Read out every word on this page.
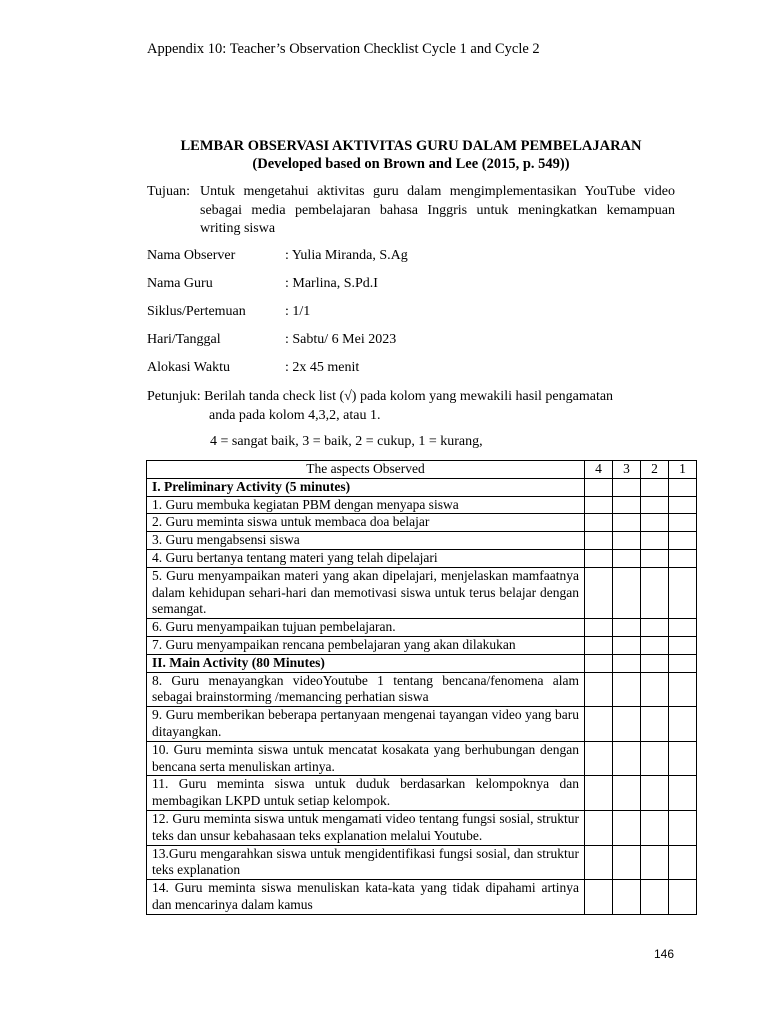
Appendix 10: Teacher’s Observation Checklist Cycle 1 and Cycle 2
LEMBAR OBSERVASI AKTIVITAS GURU DALAM PEMBELAJARAN
(Developed based on Brown and Lee (2015, p. 549))
Tujuan: Untuk mengetahui aktivitas guru dalam mengimplementasikan YouTube video sebagai media pembelajaran bahasa Inggris untuk meningkatkan kemampuan writing siswa
Nama Observer	: Yulia Miranda, S.Ag
Nama Guru	: Marlina, S.Pd.I
Siklus/Pertemuan	: 1/1
Hari/Tanggal	: Sabtu/ 6 Mei 2023
Alokasi Waktu	: 2x 45 menit
Petunjuk: Berilah tanda check list (√) pada kolom yang mewakili hasil pengamatan
anda pada kolom 4,3,2, atau 1.
4 = sangat baik, 3 = baik, 2 = cukup, 1 = kurang,
The aspects Observed	4	3	2	1
I. Preliminary Activity (5 minutes)				
1. Guru membuka kegiatan PBM dengan menyapa siswa				
2. Guru meminta siswa untuk membaca doa belajar				
3. Guru mengabsensi siswa				
4. Guru bertanya tentang materi yang telah dipelajari				
5. Guru menyampaikan materi yang akan dipelajari, menjelaskan mamfaatnya dalam kehidupan sehari-hari dan memotivasi siswa untuk terus belajar dengan semangat.				
6. Guru menyampaikan tujuan pembelajaran.				
7. Guru menyampaikan rencana pembelajaran yang akan dilakukan				
II. Main Activity (80 Minutes)				
8. Guru menayangkan videoYoutube 1 tentang bencana/fenomena alam sebagai brainstorming /memancing perhatian siswa				
9. Guru memberikan beberapa pertanyaan mengenai tayangan video yang baru ditayangkan.				
10. Guru meminta siswa untuk mencatat kosakata yang berhubungan dengan bencana serta menuliskan artinya.				
11. Guru meminta siswa untuk duduk berdasarkan kelompoknya dan membagikan LKPD untuk setiap kelompok.				
12. Guru meminta siswa untuk mengamati video tentang fungsi sosial, struktur teks dan unsur kebahasaan teks explanation melalui Youtube.				
13.Guru mengarahkan siswa untuk mengidentifikasi fungsi sosial, dan struktur teks explanation				
14. Guru meminta siswa menuliskan kata-kata yang tidak dipahami artinya dan mencarinya dalam kamus				
146
